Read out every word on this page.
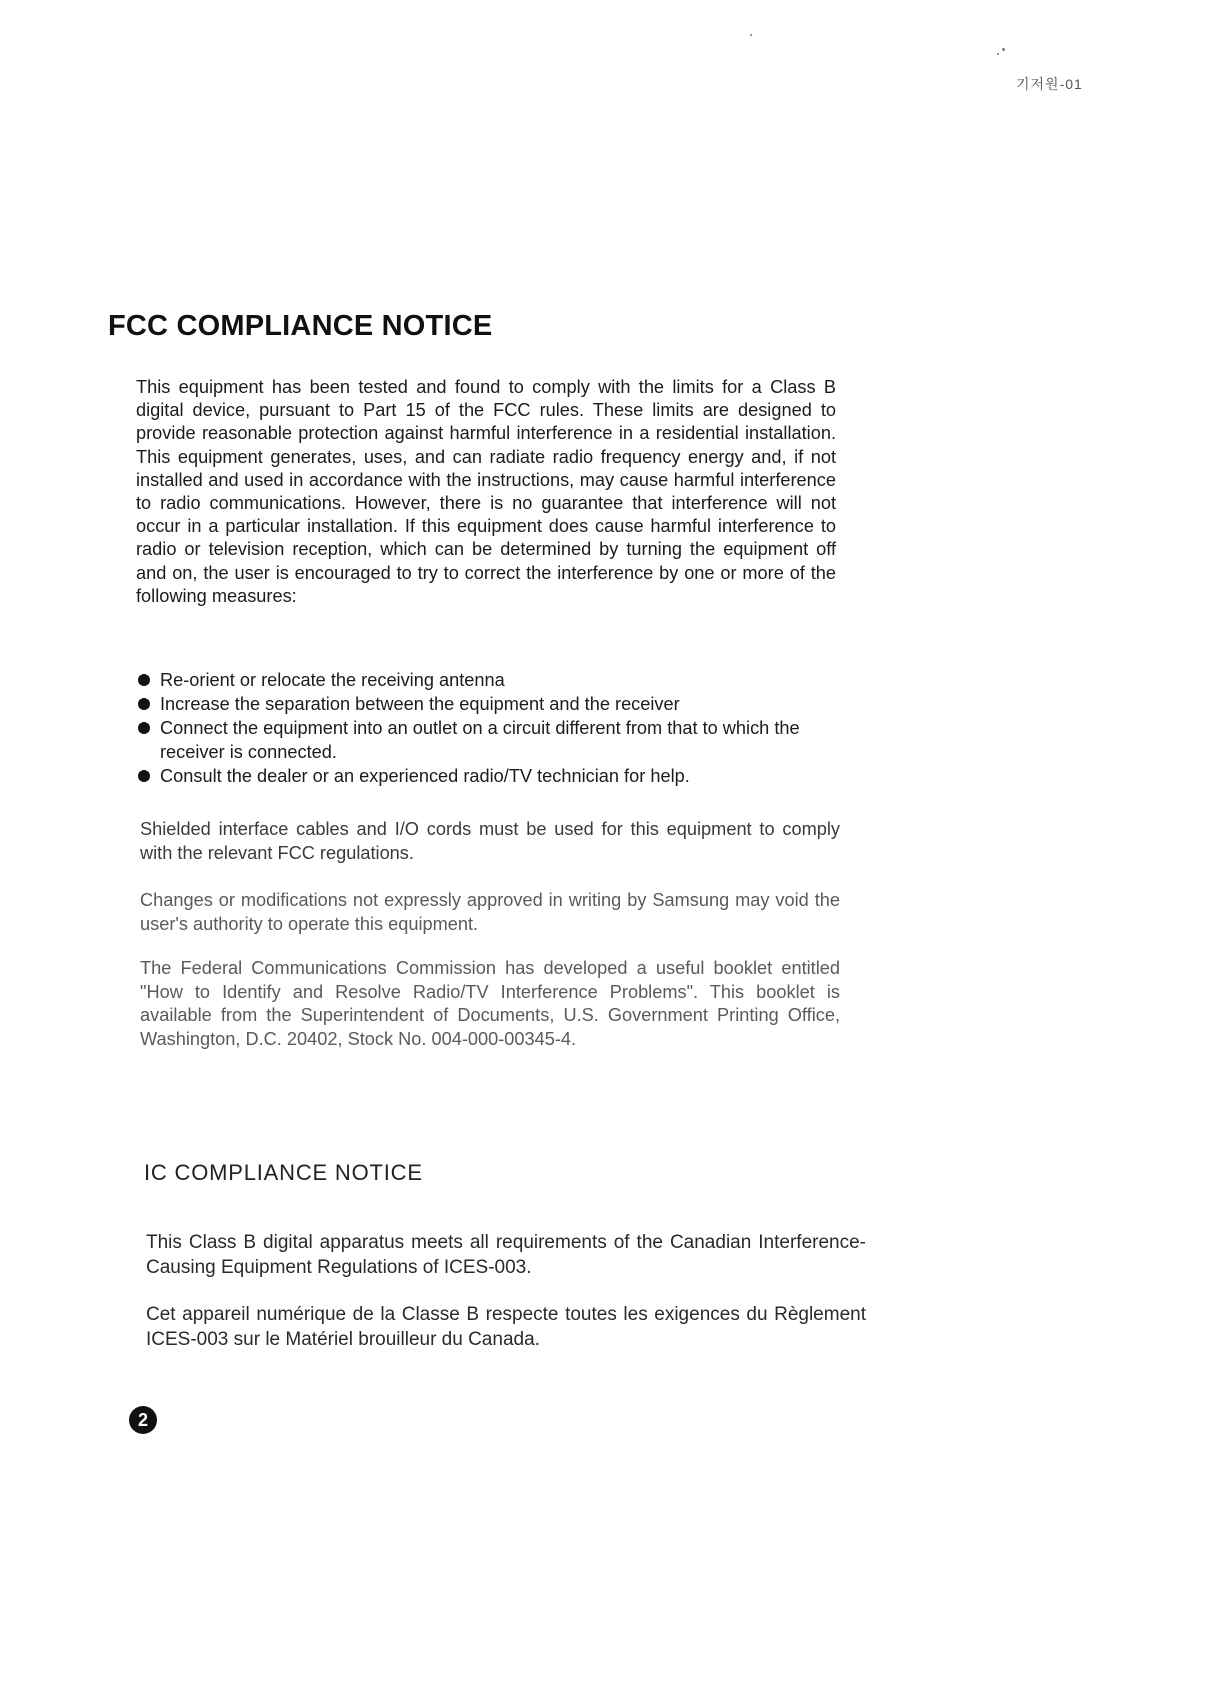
기저원-01
FCC COMPLIANCE NOTICE

This equipment has been tested and found to comply with the limits for a Class B digital device, pursuant to Part 15 of the FCC rules. These limits are designed to provide reasonable protection against harmful interference in a residential installation. This equipment generates, uses, and can radiate radio frequency energy and, if not installed and used in accordance with the instructions, may cause harmful interference to radio communications. However, there is no guarantee that interference will not occur in a particular installation. If this equipment does cause harmful interference to radio or television reception, which can be determined by turning the equipment off and on, the user is encouraged to try to correct the interference by one or more of the following measures:

Re-orient or relocate the receiving antenna
Increase the separation between the equipment and the receiver
Connect the equipment into an outlet on a circuit different from that to which the receiver is connected.
Consult the dealer or an experienced radio/TV technician for help.

Shielded interface cables and I/O cords must be used for this equipment to comply with the relevant FCC regulations.

Changes or modifications not expressly approved in writing by Samsung may void the user's authority to operate this equipment.

The Federal Communications Commission has developed a useful booklet entitled "How to Identify and Resolve Radio/TV Interference Problems". This booklet is available from the Superintendent of Documents, U.S. Government Printing Office, Washington, D.C. 20402, Stock No. 004-000-00345-4.

IC COMPLIANCE NOTICE

This Class B digital apparatus meets all requirements of the Canadian Interference-Causing Equipment Regulations of ICES-003.

Cet appareil numérique de la Classe B respecte toutes les exigences du Règlement ICES-003 sur le Matériel brouilleur du Canada.

2
